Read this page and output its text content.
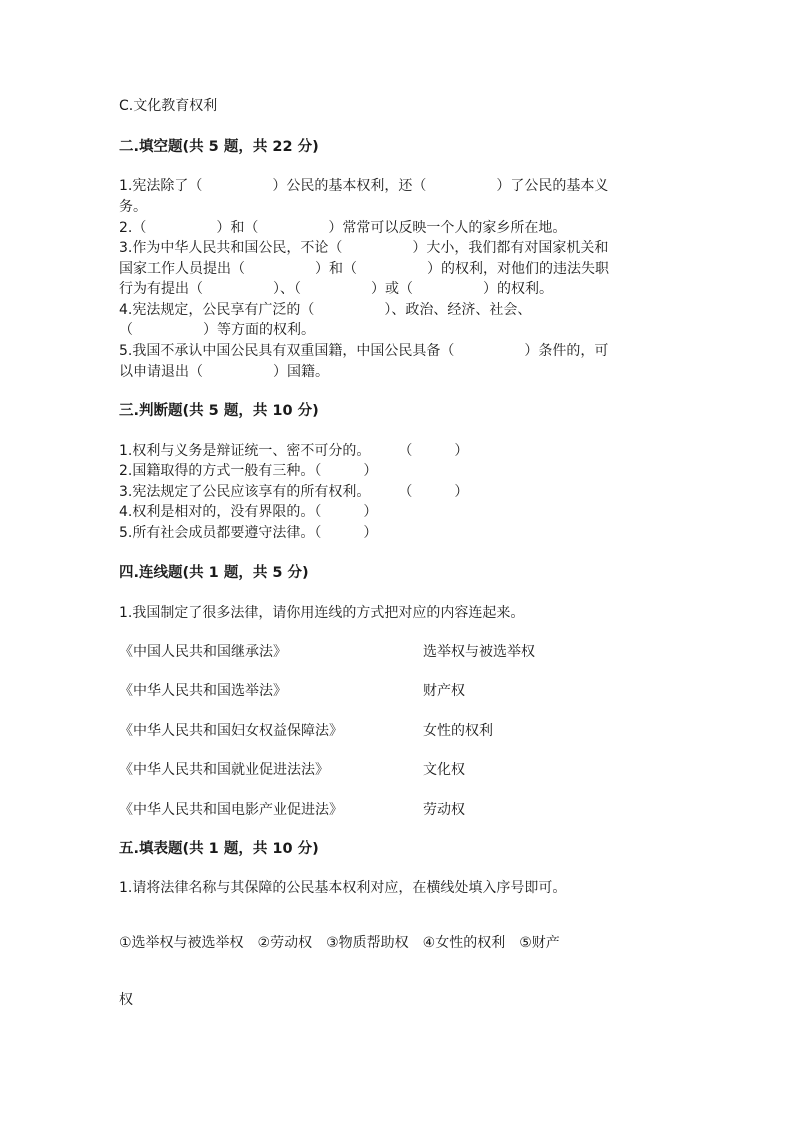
C.文化教育权利
二.填空题(共 5 题，共 22 分)
1.宪法除了（　　　　　）公民的基本权利，还（　　　　　）了公民的基本义
务。
2.（　　　　　）和（　　　　　）常常可以反映一个人的家乡所在地。
3.作为中华人民共和国公民，不论（　　　　　）大小，我们都有对国家机关和
国家工作人员提出（　　　　　）和（　　　　　）的权利，对他们的违法失职
行为有提出（　　　　　）、（　　　　　）或（　　　　　）的权利。
4.宪法规定，公民享有广泛的（　　　　　）、政治、经济、社会、
（　　　　　）等方面的权利。
5.我国不承认中国公民具有双重国籍，中国公民具备（　　　　　）条件的，可
以申请退出（　　　　　）国籍。
三.判断题(共 5 题，共 10 分)
1.权利与义务是辩证统一、密不可分的。　　　（　　　）
2.国籍取得的方式一般有三种。（　　　）
3.宪法规定了公民应该享有的所有权利。　　　（　　　）
4.权利是相对的，没有界限的。（　　　）
5.所有社会成员都要遵守法律。（　　　）
四.连线题(共 1 题，共 5 分)
1.我国制定了很多法律，请你用连线的方式把对应的内容连起来。
《中国人民共和国继承法》	选举权与被选举权
《中华人民共和国选举法》	财产权
《中华人民共和国妇女权益保障法》	女性的权利
《中华人民共和国就业促进法法》	文化权
《中华人民共和国电影产业促进法》	劳动权
五.填表题(共 1 题，共 10 分)
1.请将法律名称与其保障的公民基本权利对应，在横线处填入序号即可。
①选举权与被选举权　②劳动权　③物质帮助权　④女性的权利　⑤财产
权
